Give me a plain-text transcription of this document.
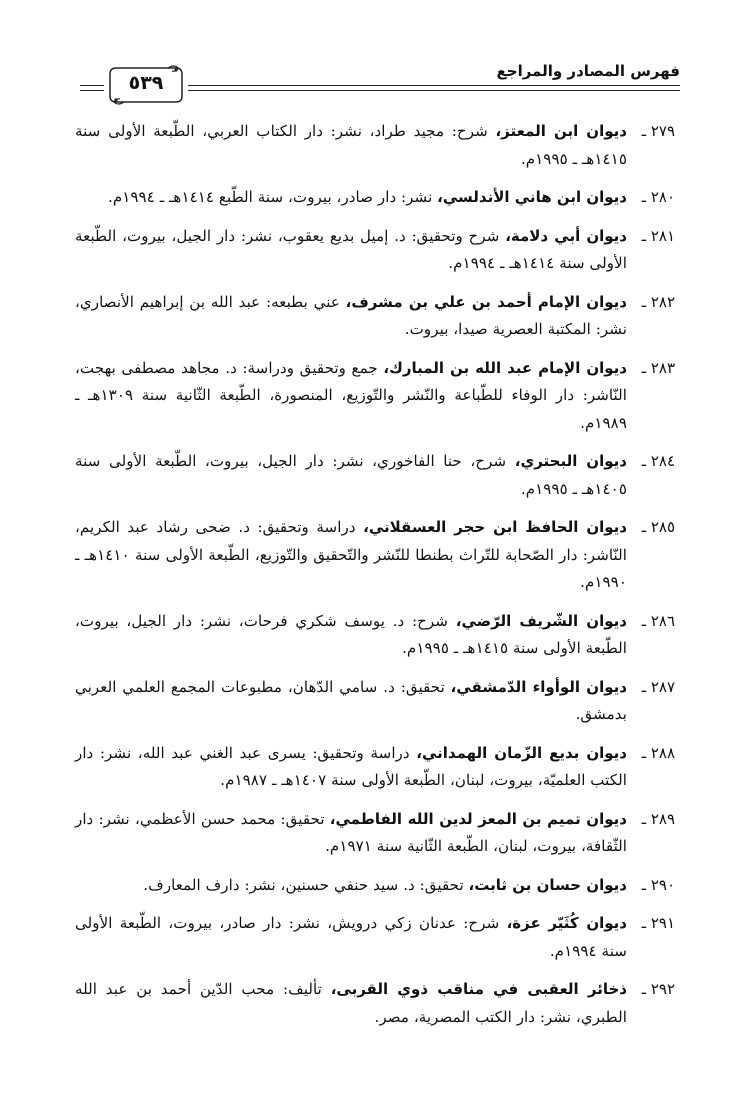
فهرس المصادر والمراجع
٥٣٩
٢٧٩ ـ
ديوان ابن المعتز، شرح: مجيد طراد، نشر: دار الكتاب العربي، الطّبعة الأولى سنة ١٤١٥هـ ـ ١٩٩٥م.
٢٨٠ ـ
ديوان ابن هاني الأندلسي، نشر: دار صادر، بيروت، سنة الطّبع ١٤١٤هـ ـ ١٩٩٤م.
٢٨١ ـ
ديوان أبي دلامة، شرح وتحقيق: د. إميل بديع يعقوب، نشر: دار الجيل، بيروت، الطّبعة الأولى سنة ١٤١٤هـ ـ ١٩٩٤م.
٢٨٢ ـ
ديوان الإمام أحمد بن علي بن مشرف، عني بطبعه: عبد الله بن إبراهيم الأنصاري، نشر: المكتبة العصرية صيدا، بيروت.
٢٨٣ ـ
ديوان الإمام عبد الله بن المبارك، جمع وتحقيق ودراسة: د. مجاهد مصطفى بهجت، النّاشر: دار الوفاء للطّباعة والنّشر والتّوزيع، المنصورة، الطّبعة الثّانية سنة ١٣٠٩هـ ـ ١٩٨٩م.
٢٨٤ ـ
ديوان البحتري، شرح، حنا الفاخوري، نشر: دار الجيل، بيروت، الطّبعة الأولى سنة ١٤٠٥هـ ـ ١٩٩٥م.
٢٨٥ ـ
ديوان الحافظ ابن حجر العسقلاني، دراسة وتحقيق: د. ضحى رشاد عبد الكريم، النّاشر: دار الصّحابة للتّراث بطنطا للنّشر والتّحقيق والتّوزيع، الطّبعة الأولى سنة ١٤١٠هـ ـ ١٩٩٠م.
٢٨٦ ـ
ديوان الشّريف الرّضي، شرح: د. يوسف شكري فرحات، نشر: دار الجيل، بيروت، الطّبعة الأولى سنة ١٤١٥هـ ـ ١٩٩٥م.
٢٨٧ ـ
ديوان الوأواء الدّمشقي، تحقيق: د. سامي الدّهان، مطبوعات المجمع العلمي العربي بدمشق.
٢٨٨ ـ
ديوان بديع الزّمان الهمداني، دراسة وتحقيق: يسرى عبد الغني عبد الله، نشر: دار الكتب العلميّة، بيروت، لبنان، الطّبعة الأولى سنة ١٤٠٧هـ ـ ١٩٨٧م.
٢٨٩ ـ
ديوان تميم بن المعز لدين الله الفاطمي، تحقيق: محمد حسن الأعظمي، نشر: دار الثّقافة، بيروت، لبنان، الطّبعة الثّانية سنة ١٩٧١م.
٢٩٠ ـ
ديوان حسان بن ثابت، تحقيق: د. سيد حنفي حسنين، نشر: دارف المعارف.
٢٩١ ـ
ديوان كُثَيّر عزة، شرح: عدنان زكي درويش، نشر: دار صادر، بيروت، الطّبعة الأولى سنة ١٩٩٤م.
٢٩٢ ـ
ذخائر العقبى في مناقب ذوي القربى، تأليف: محب الدّين أحمد بن عبد الله الطبري، نشر: دار الكتب المصرية، مصر.
